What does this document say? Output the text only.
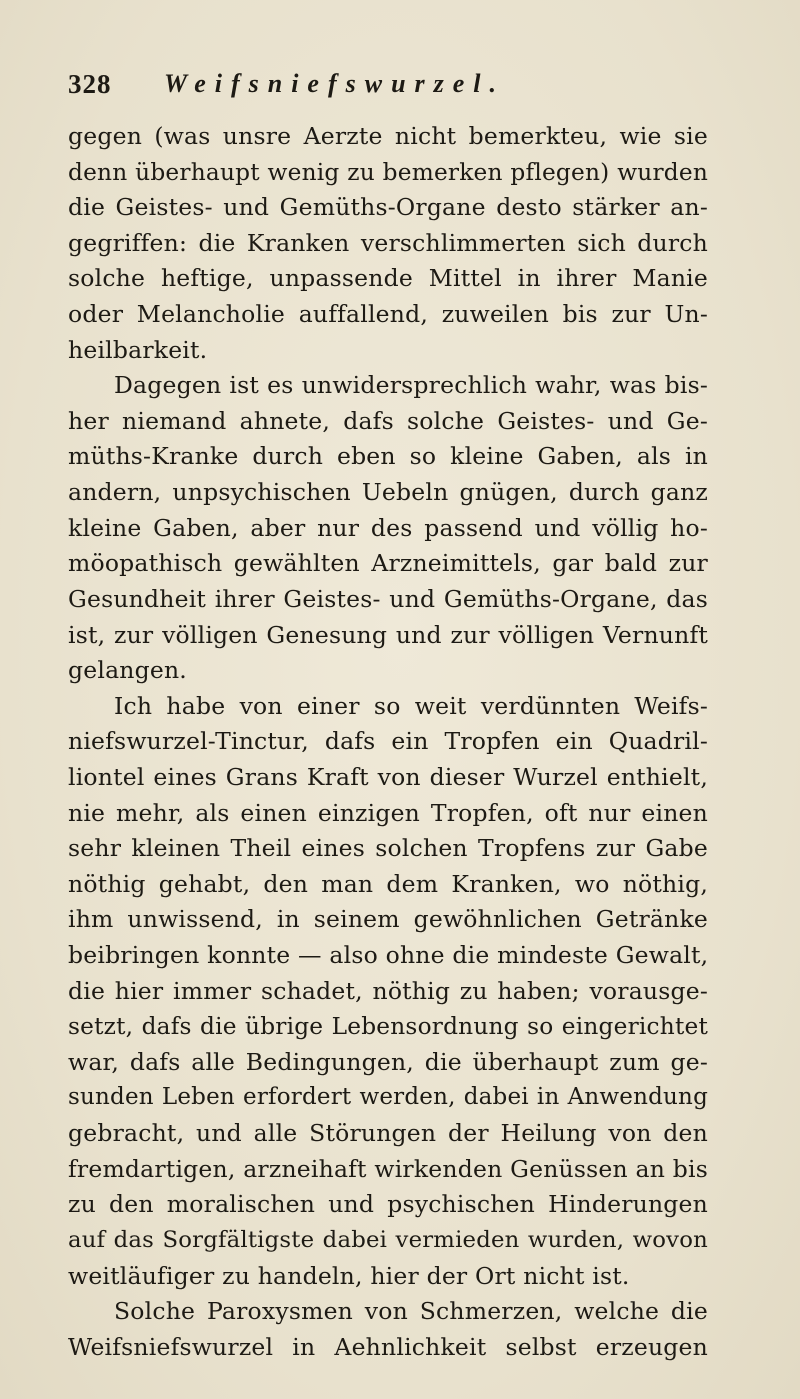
328 Weifsniefswurzel.
gegen (was unsre Aerzte nicht bemerkteu, wie sie
denn überhaupt wenig zu bemerken pflegen) wurden
die Geistes- und Gemüths-Organe desto stärker an-
gegriffen: die Kranken verschlimmerten sich durch
solche heftige, unpassende Mittel in ihrer Manie
oder Melancholie auffallend, zuweilen bis zur Un-
heilbarkeit.
Dagegen ist es unwidersprechlich wahr, was bis-
her niemand ahnete, dafs solche Geistes- und Ge-
müths-Kranke durch eben so kleine Gaben, als in
andern, unpsychischen Uebeln gnügen, durch ganz
kleine Gaben, aber nur des passend und völlig ho-
möopathisch gewählten Arzneimittels, gar bald zur
Gesundheit ihrer Geistes- und Gemüths-Organe, das
ist, zur völligen Genesung und zur völligen Vernunft
gelangen.
Ich habe von einer so weit verdünnten Weifs-
niefswurzel-Tinctur, dafs ein Tropfen ein Quadril-
liontel eines Grans Kraft von dieser Wurzel enthielt,
nie mehr, als einen einzigen Tropfen, oft nur einen
sehr kleinen Theil eines solchen Tropfens zur Gabe
nöthig gehabt, den man dem Kranken, wo nöthig,
ihm unwissend, in seinem gewöhnlichen Getränke
beibringen konnte — also ohne die mindeste Gewalt,
die hier immer schadet, nöthig zu haben; vorausge-
setzt, dafs die übrige Lebensordnung so eingerichtet
war, dafs alle Bedingungen, die überhaupt zum ge-
sunden Leben erfordert werden, dabei in Anwendung
gebracht, und alle Störungen der Heilung von den
fremdartigen, arzneihaft wirkenden Genüssen an bis
zu den moralischen und psychischen Hinderungen
auf das Sorgfältigste dabei vermieden wurden, wovon
weitläufiger zu handeln, hier der Ort nicht ist.
Solche Paroxysmen von Schmerzen, welche die
Weifsniefswurzel in Aehnlichkeit selbst erzeugen
